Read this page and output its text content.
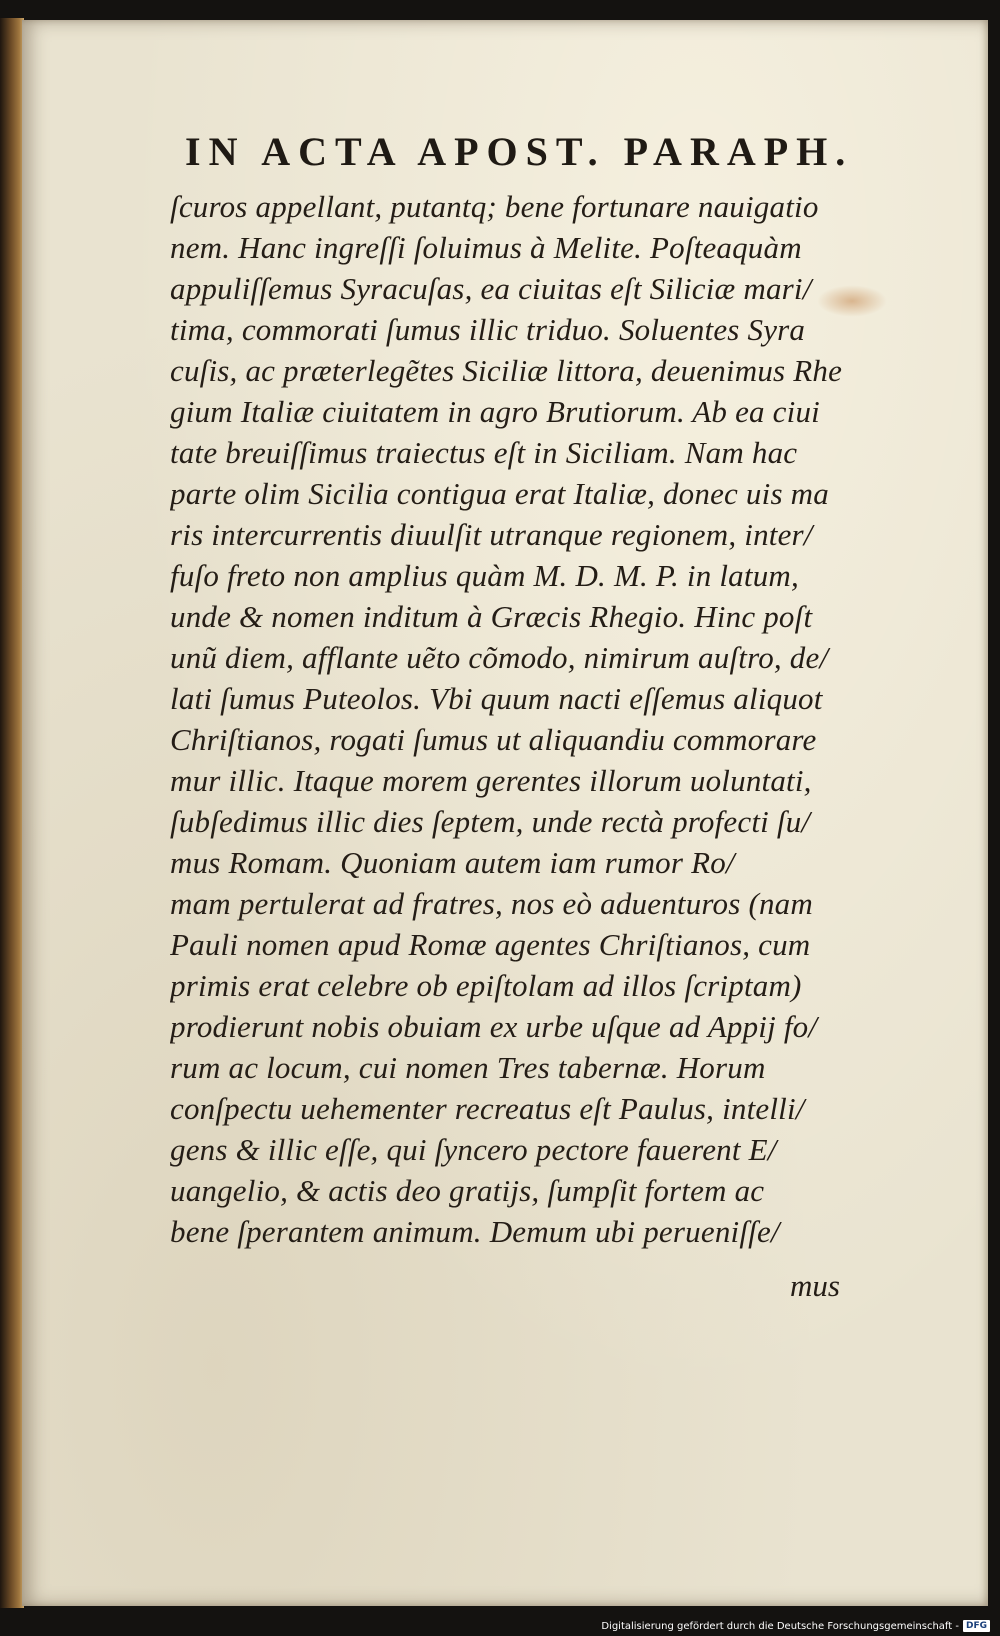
IN ACTA APOST. PARAPH.
ſcuros appellant, putantq; bene fortunare nauigatio
nem. Hanc ingreſſi ſoluimus à Melite. Poſteaquàm
appuliſſemus Syracuſas, ea ciuitas eſt Siliciæ mari/
tima, commorati ſumus illic triduo. Soluentes Syra
cuſis, ac præterlegẽtes Siciliæ littora, deuenimus Rhe
gium Italiæ ciuitatem in agro Brutiorum. Ab ea ciui
tate breuiſſimus traiectus eſt in Siciliam. Nam hac
parte olim Sicilia contigua erat Italiæ, donec uis ma
ris intercurrentis diuulſit utranque regionem, inter/
fuſo freto non amplius quàm M. D. M. P. in latum,
unde & nomen inditum à Græcis Rhegio. Hinc poſt
unũ diem, afflante uẽto cõmodo, nimirum auſtro, de/
lati ſumus Puteolos. Vbi quum nacti eſſemus aliquot
Chriſtianos, rogati ſumus ut aliquandiu commorare
mur illic. Itaque morem gerentes illorum uoluntati,
ſubſedimus illic dies ſeptem, unde rectà profecti ſu/
mus Romam. Quoniam autem iam rumor Ro/
mam pertulerat ad fratres, nos eò aduenturos (nam
Pauli nomen apud Romæ agentes Chriſtianos, cum
primis erat celebre ob epiſtolam ad illos ſcriptam)
prodierunt nobis obuiam ex urbe uſque ad Appij fo/
rum ac locum, cui nomen Tres tabernæ. Horum
conſpectu uehementer recreatus eſt Paulus, intelli/
gens & illic eſſe, qui ſyncero pectore fauerent E/
uangelio, & actis deo gratijs, ſumpſit fortem ac
bene ſperantem animum. Demum ubi perueniſſe/
mus
Digitalisierung gefördert durch die Deutsche Forschungsgemeinschaft - DFG
